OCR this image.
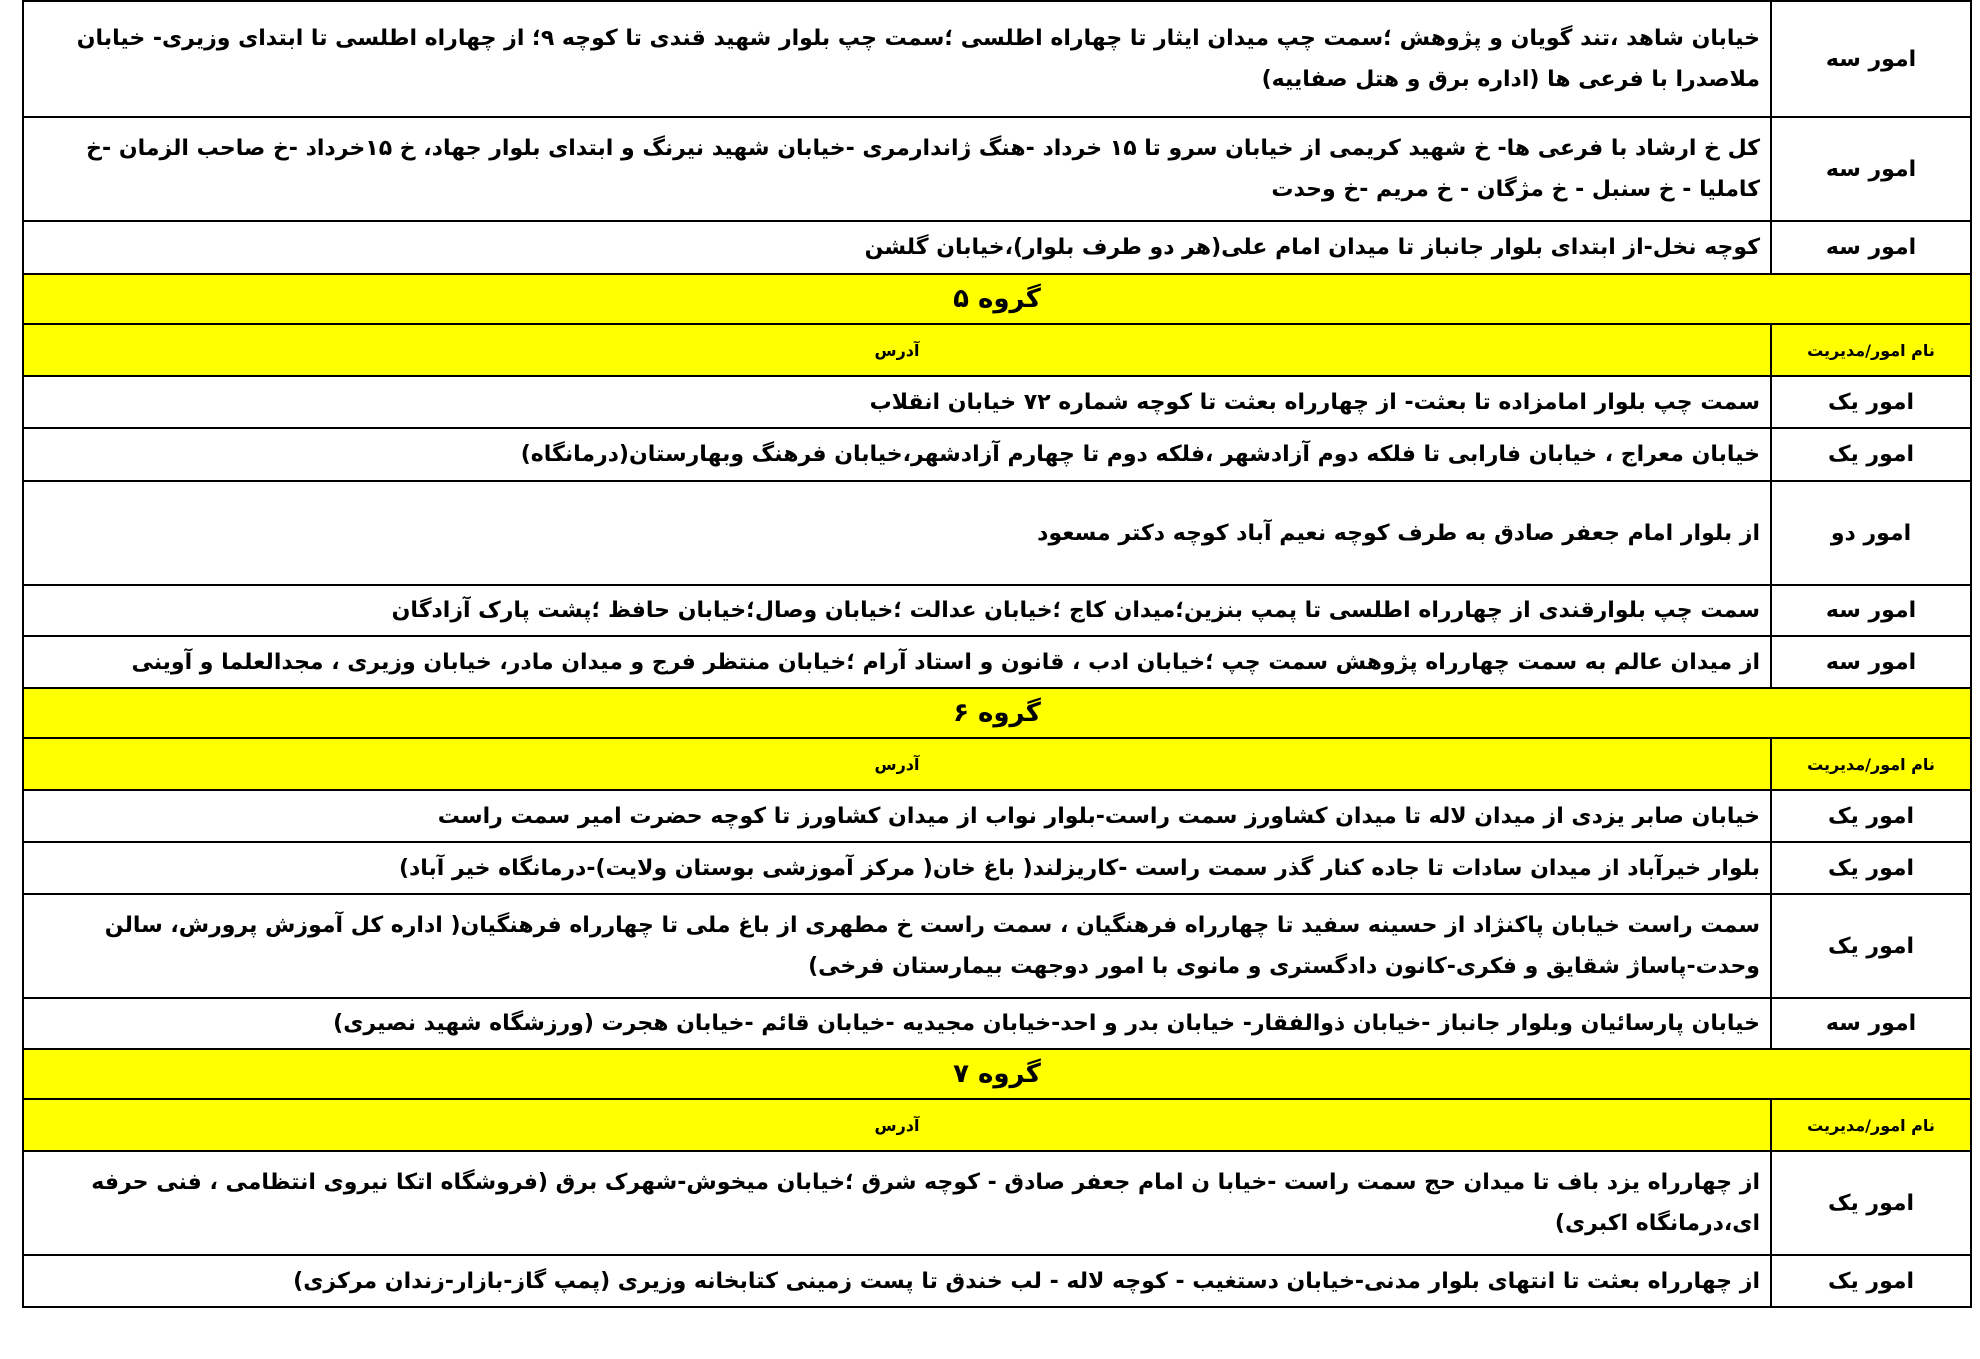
امور سه	خیابان شاهد ،تند گویان و پژوهش ؛سمت چپ میدان ایثار تا چهاراه اطلسی ؛سمت چپ بلوار شهید قندی تا کوچه ۹؛ از چهاراه اطلسی تا ابتدای وزیری- خیابان ملاصدرا با فرعی ها (اداره برق و هتل صفاییه)
امور سه	کل خ ارشاد با فرعی ها- خ شهید کریمی از خیابان سرو تا ۱۵ خرداد -هنگ ژاندارمری -خیابان شهید نیرنگ و ابتدای بلوار جهاد، خ ۱۵خرداد -خ صاحب الزمان -خ کاملیا - خ سنبل - خ مژگان - خ مریم -خ وحدت
امور سه	کوچه نخل-از ابتدای بلوار جانباز تا میدان امام علی(هر دو طرف بلوار)،خیابان گلشن
گروه ۵	
نام امور/مدیریت	آدرس
امور یک	سمت چپ بلوار امامزاده تا بعثت- از چهارراه بعثت تا کوچه شماره ۷۲ خیابان انقلاب
امور یک	خیابان معراج ، خیابان فارابی تا فلکه دوم آزادشهر ،فلکه دوم تا چهارم آزادشهر،خیابان فرهنگ وبهارستان(درمانگاه)
امور دو	از بلوار امام جعفر صادق به طرف کوچه نعیم آباد کوچه دکتر مسعود
امور سه	سمت چپ بلوارقندی از چهارراه اطلسی تا پمپ بنزین؛میدان کاج ؛خیابان عدالت ؛خیابان وصال؛خیابان حافظ ؛پشت پارک آزادگان
امور سه	از میدان عالم به سمت چهارراه پژوهش سمت چپ ؛خیابان ادب ، قانون و استاد آرام ؛خیابان منتظر فرج و میدان مادر، خیابان وزیری ، مجدالعلما و آوینی
گروه ۶	
نام امور/مدیریت	آدرس
امور یک	خیابان صابر یزدی از میدان لاله تا میدان کشاورز سمت راست-بلوار نواب از میدان کشاورز تا کوچه حضرت امیر سمت راست
امور یک	بلوار خیرآباد از میدان سادات تا جاده کنار گذر سمت راست -کاریزلند( باغ خان( مرکز آموزشی بوستان ولایت)-درمانگاه خیر آباد)
امور یک	سمت راست خیابان پاکنژاد از حسینه سفید تا چهارراه فرهنگیان ، سمت راست خ مطهری از باغ ملی تا چهارراه فرهنگیان( اداره کل آموزش پرورش، سالن وحدت-پاساژ شقایق و فکری-کانون دادگستری و مانوی با امور دوجهت بیمارستان فرخی)
امور سه	خیابان پارسائیان وبلوار جانباز -خیابان ذوالفقار- خیابان بدر و احد-خیابان مجیدیه -خیابان قائم -خیابان هجرت (ورزشگاه شهید نصیری)
گروه ۷	
نام امور/مدیریت	آدرس
امور یک	از چهارراه یزد باف تا میدان حج سمت راست -خیابا ن امام جعفر صادق - کوچه شرق ؛خیابان میخوش-شهرک برق (فروشگاه اتکا نیروی انتظامی ، فنی حرفه ای،درمانگاه اکبری)
امور یک	از چهارراه بعثت تا انتهای بلوار مدنی-خیابان دستغیب - کوچه لاله - لب خندق تا پست زمینی کتابخانه وزیری (پمپ گاز-بازار-زندان مرکزی)
